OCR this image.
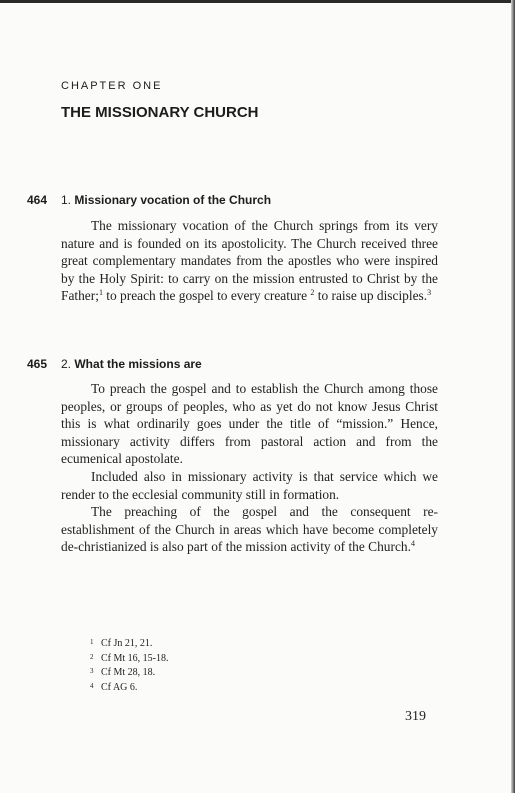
CHAPTER ONE
THE MISSIONARY CHURCH
464 1. Missionary vocation of the Church

The missionary vocation of the Church springs from its very nature and is founded on its apostolicity. The Church received three great complementary mandates from the apostles who were inspired by the Holy Spirit: to carry on the mission entrusted to Christ by the Father;$^1$ to preach the gospel to every creature $^2$ to raise up disciples.$^3$

465 2. What the missions are

To preach the gospel and to establish the Church among those peoples, or groups of peoples, who as yet do not know Jesus Christ this is what ordinarily goes under the title of “mission.” Hence, missionary activity differs from pastoral action and from the ecumenical apostolate.

Included also in missionary activity is that service which we render to the ecclesial community still in formation.

The preaching of the gospel and the consequent re-establishment of the Church in areas which have become completely de-christianized is also part of the mission activity of the Church.$^4$

1 Cf Jn 21, 21.
2 Cf Mt 16, 15-18.
3 Cf Mt 28, 18.
4 Cf AG 6.
319
